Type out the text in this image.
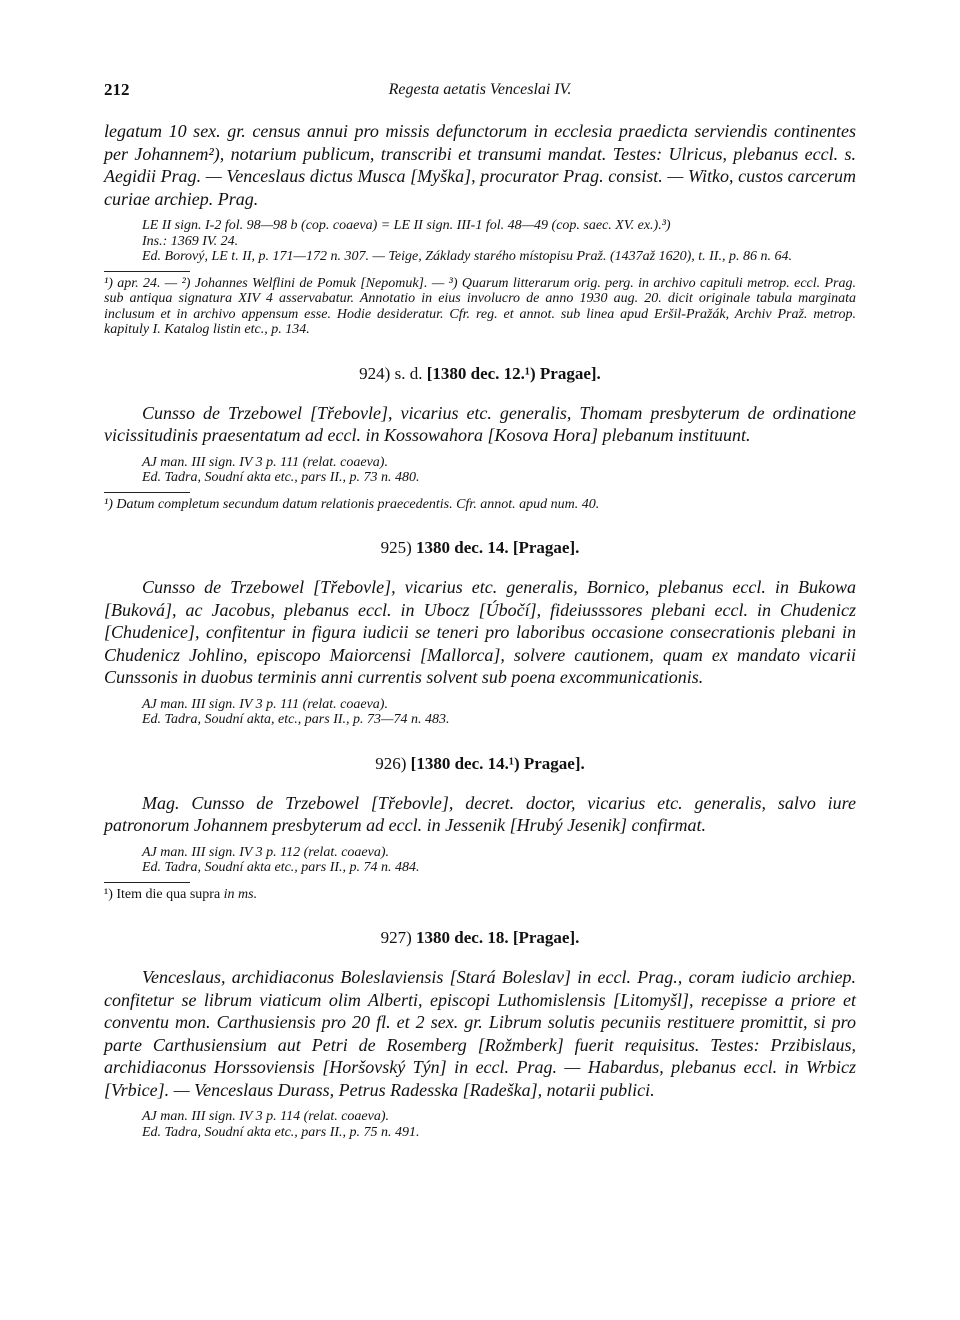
212	Regesta aetatis Venceslai IV.

legatum 10 sex. gr. census annui pro missis defunctorum in ecclesia praedicta serviendis continentes per Johannem²), notarium publicum, transcribi et transumi mandat. Testes: Ulricus, plebanus eccl. s. Aegidii Prag. — Venceslaus dictus Musca [Myška], procurator Prag. consist. — Witko, custos carcerum curiae archiep. Prag.

LE II sign. I-2 fol. 98—98 b (cop. coaeva) = LE II sign. III-1 fol. 48—49 (cop. saec. XV. ex.).³)

Ins.: 1369 IV. 24.

Ed. Borový, LE t. II, p. 171—172 n. 307. — Teige, Základy starého místopisu Praž. (1437až 1620), t. II., p. 86 n. 64.

¹) apr. 24. — ²) Johannes Welflini de Pomuk [Nepomuk]. — ³) Quarum litterarum orig. perg. in archivo capituli metrop. eccl. Prag. sub antiqua signatura XIV 4 asservabatur. Annotatio in eius involucro de anno 1930 aug. 20. dicit originale tabula marginata inclusum et in archivo appensum esse. Hodie desideratur. Cfr. reg. et annot. sub linea apud Eršil-Pražák, Archiv Praž. metrop. kapituly I. Katalog listin etc., p. 134.

924) s. d. [1380 dec. 12.¹) Pragae].

Cunsso de Trzebowel [Třebovle], vicarius etc. generalis, Thomam presbyterum de ordinatione vicissitudinis praesentatum ad eccl. in Kossowahora [Kosova Hora] plebanum instituunt.

AJ man. III sign. IV 3 p. 111 (relat. coaeva).

Ed. Tadra, Soudní akta etc., pars II., p. 73 n. 480.

¹) Datum completum secundum datum relationis praecedentis. Cfr. annot. apud num. 40.

925) 1380 dec. 14. [Pragae].

Cunsso de Trzebowel [Třebovle], vicarius etc. generalis, Bornico, plebanus eccl. in Bukowa [Buková], ac Jacobus, plebanus eccl. in Ubocz [Úbočí], fideiusssores plebani eccl. in Chudenicz [Chudenice], confitentur in figura iudicii se teneri pro laboribus occasione consecrationis plebani in Chudenicz Johlino, episcopo Maiorcensi [Mallorca], solvere cautionem, quam ex mandato vicarii Cunssonis in duobus terminis anni currentis solvent sub poena excommunicationis.

AJ man. III sign. IV 3 p. 111 (relat. coaeva).

Ed. Tadra, Soudní akta, etc., pars II., p. 73—74 n. 483.

926) [1380 dec. 14.¹) Pragae].

Mag. Cunsso de Trzebowel [Třebovle], decret. doctor, vicarius etc. generalis, salvo iure patronorum Johannem presbyterum ad eccl. in Jessenik [Hrubý Jesenik] confirmat.

AJ man. III sign. IV 3 p. 112 (relat. coaeva).

Ed. Tadra, Soudní akta etc., pars II., p. 74 n. 484.

¹) Item die qua supra in ms.

927) 1380 dec. 18. [Pragae].

Venceslaus, archidiaconus Boleslaviensis [Stará Boleslav] in eccl. Prag., coram iudicio archiep. confitetur se librum viaticum olim Alberti, episcopi Luthomislensis [Litomyšl], recepisse a priore et conventu mon. Carthusiensis pro 20 fl. et 2 sex. gr. Librum solutis pecuniis restituere promittit, si pro parte Carthusiensium aut Petri de Rosemberg [Rožmberk] fuerit requisitus. Testes: Przibislaus, archidiaconus Horssoviensis [Horšovský Týn] in eccl. Prag. — Habardus, plebanus eccl. in Wrbicz [Vrbice]. — Venceslaus Durass, Petrus Radesska [Radeška], notarii publici.

AJ man. III sign. IV 3 p. 114 (relat. coaeva).

Ed. Tadra, Soudní akta etc., pars II., p. 75 n. 491.
